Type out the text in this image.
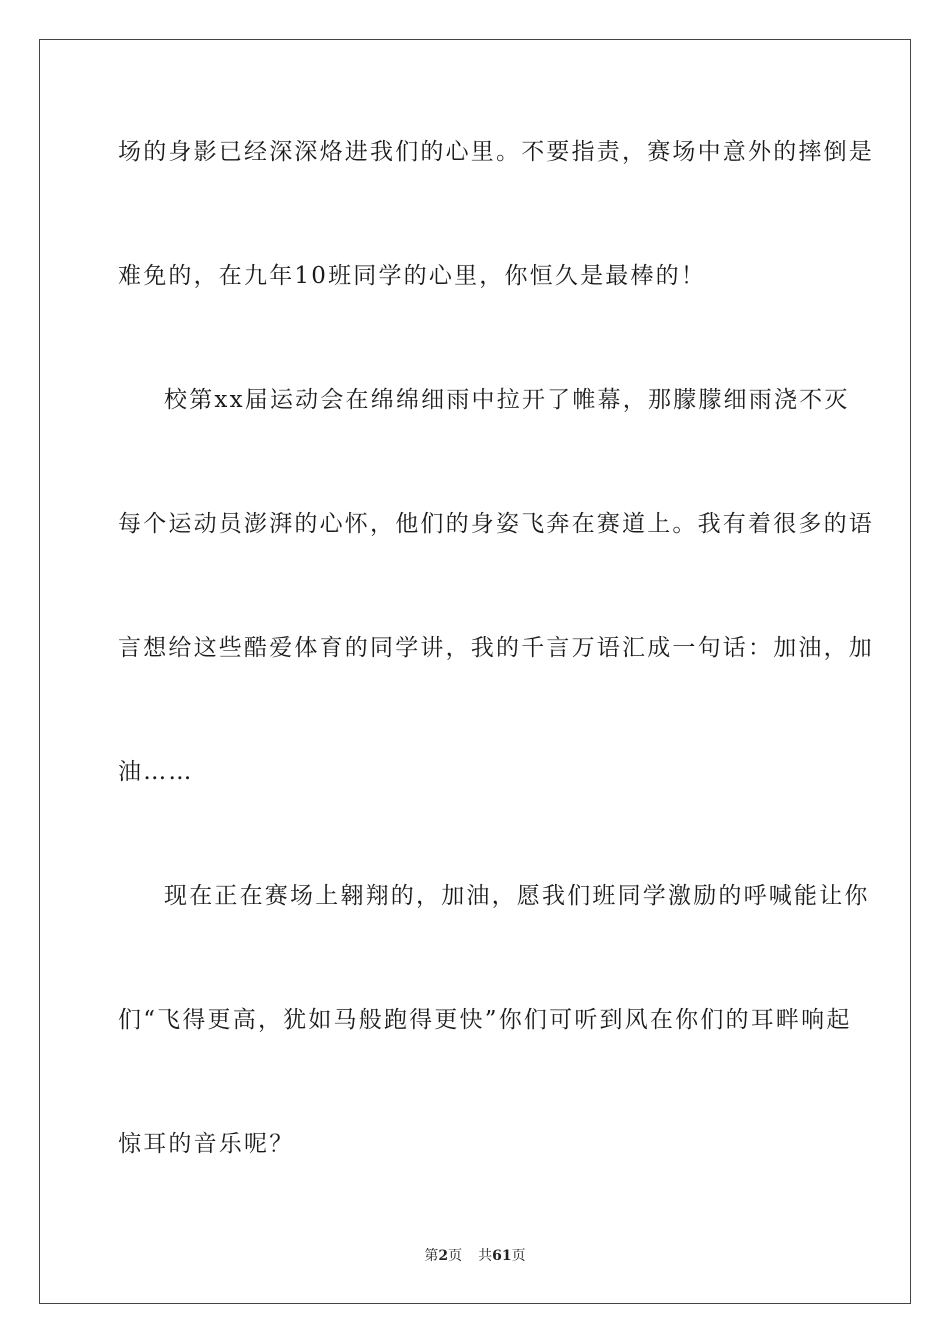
场的身影已经深深烙进我们的心里。不要指责，赛场中意外的摔倒是
难免的，在九年10班同学的心里，你恒久是最棒的！
校第xx届运动会在绵绵细雨中拉开了帷幕，那朦朦细雨浇不灭
每个运动员澎湃的心怀，他们的身姿飞奔在赛道上。我有着很多的语
言想给这些酷爱体育的同学讲，我的千言万语汇成一句话：加油，加
油……
现在正在赛场上翱翔的，加油，愿我们班同学激励的呼喊能让你
们“飞得更高，犹如马般跑得更快”你们可听到风在你们的耳畔响起
惊耳的音乐呢？
第2页 共61页
